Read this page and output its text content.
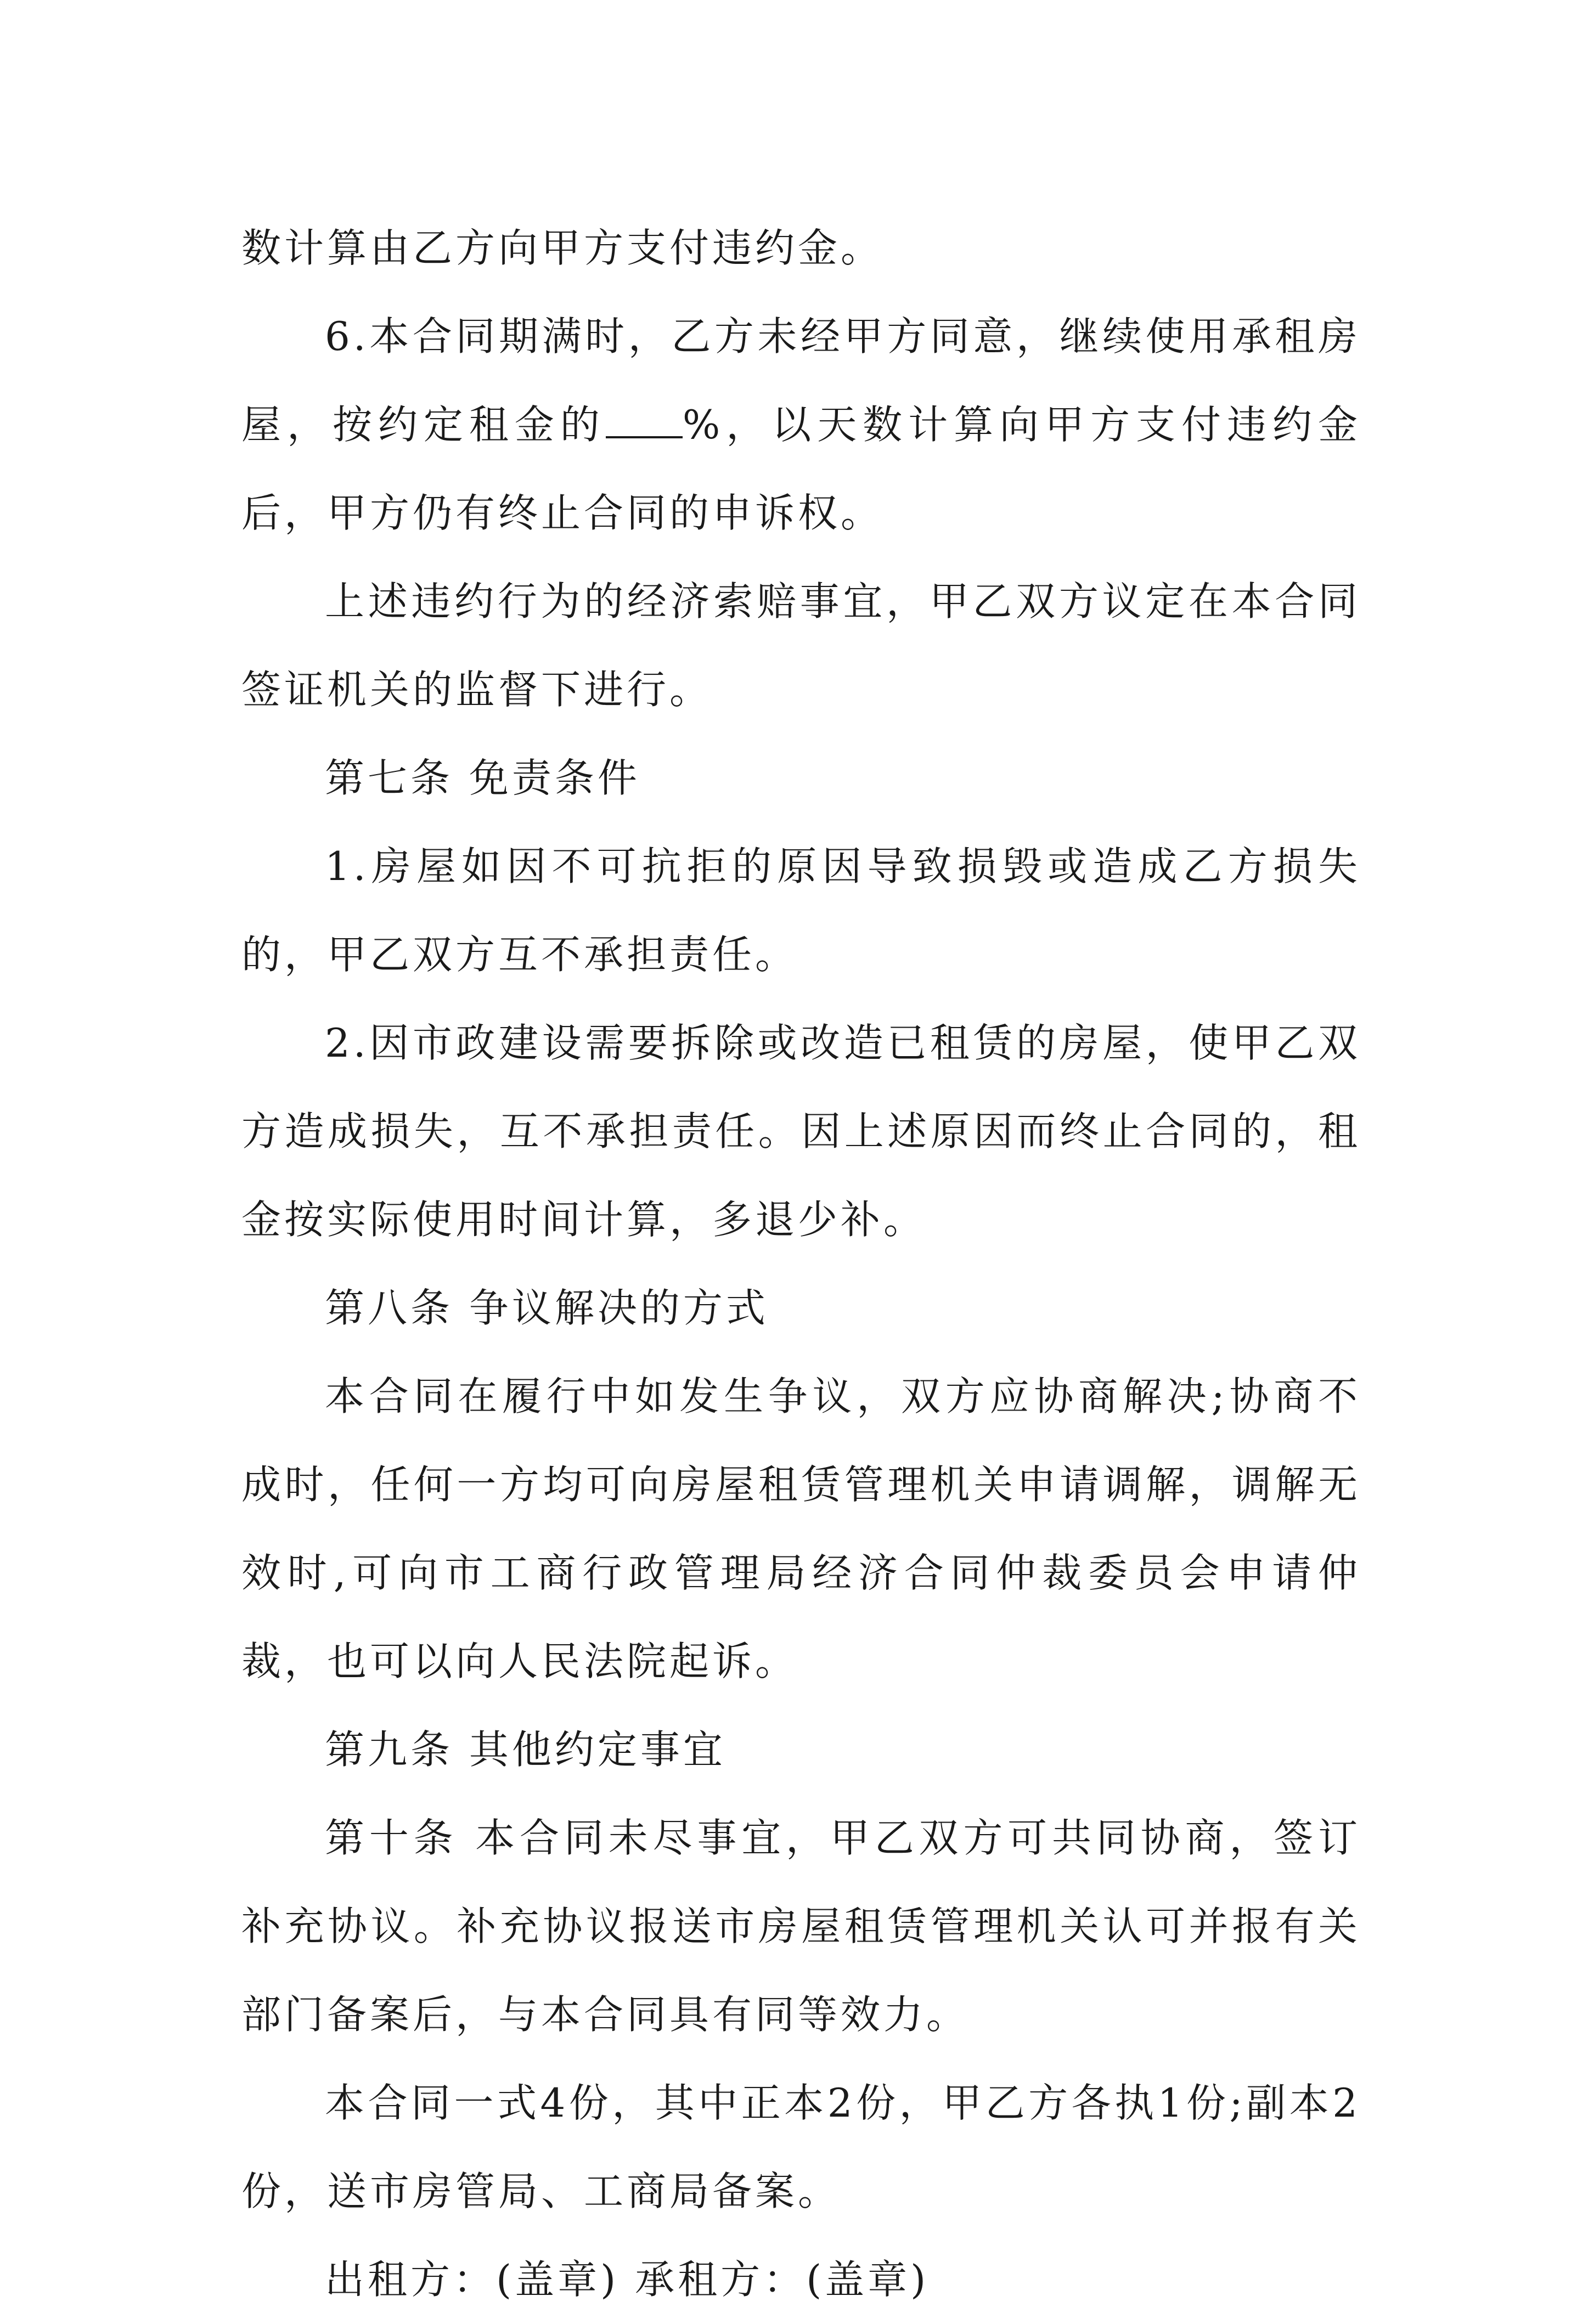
数计算由乙方向甲方支付违约金。

6.本合同期满时，乙方未经甲方同意，继续使用承租房屋，按约定租金的 %，以天数计算向甲方支付违约金后，甲方仍有终止合同的申诉权。

上述违约行为的经济索赔事宜，甲乙双方议定在本合同签证机关的监督下进行。

第七条 免责条件

1.房屋如因不可抗拒的原因导致损毁或造成乙方损失的，甲乙双方互不承担责任。

2.因市政建设需要拆除或改造已租赁的房屋，使甲乙双方造成损失，互不承担责任。因上述原因而终止合同的，租金按实际使用时间计算，多退少补。

第八条 争议解决的方式

本合同在履行中如发生争议，双方应协商解决;协商不成时，任何一方均可向房屋租赁管理机关申请调解，调解无效时,可向市工商行政管理局经济合同仲裁委员会申请仲裁，也可以向人民法院起诉。

第九条 其他约定事宜

第十条 本合同未尽事宜，甲乙双方可共同协商，签订补充协议。补充协议报送市房屋租赁管理机关认可并报有关部门备案后，与本合同具有同等效力。

本合同一式4份，其中正本2份，甲乙方各执1份;副本2份，送市房管局、工商局备案。

出租方：(盖章) 承租方：(盖章)
